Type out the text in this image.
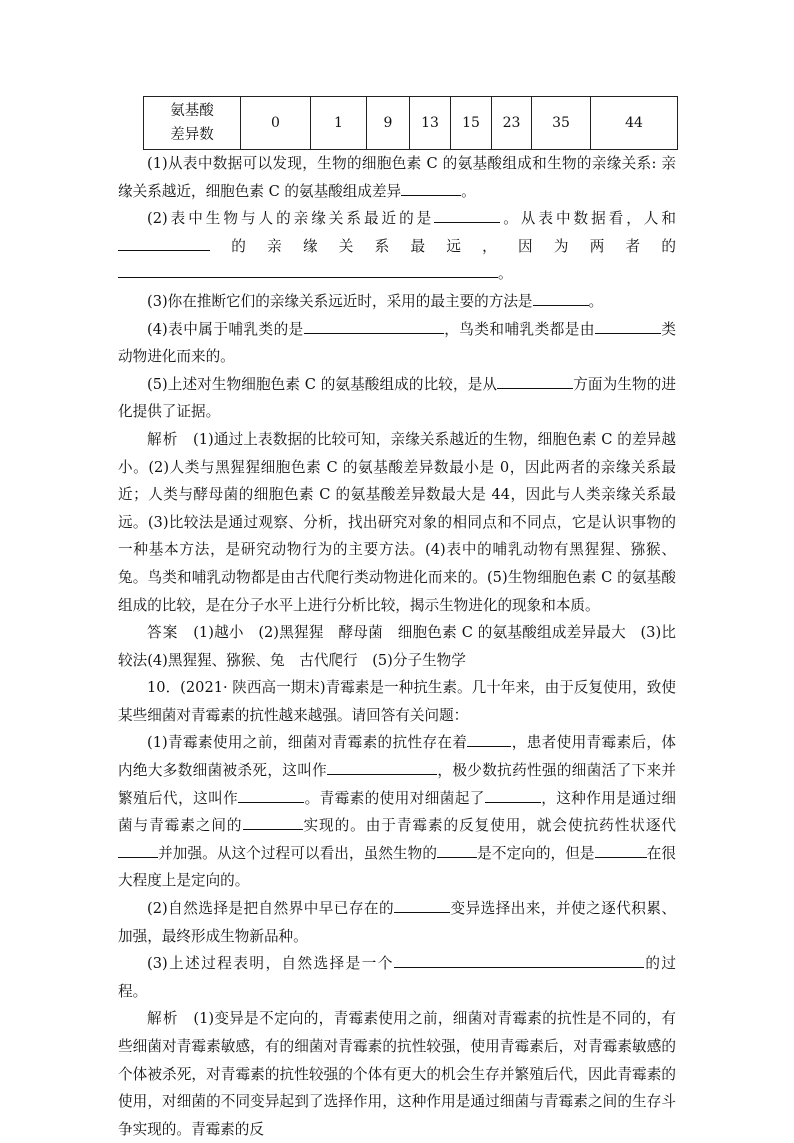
氨基酸
差异数
	0	1	9	13	15	23	35	44

(1)从表中数据可以发现，生物的细胞色素 C 的氨基酸组成和生物的亲缘关系: 亲缘关系越近，细胞色素 C 的氨基酸组成差异	。

(2)表中生物与人的亲缘关系最近的是	。从表中数据看，人和的亲缘关系最远，因为两者的。

(3)你在推断它们的亲缘关系远近时，采用的最主要的方法是	。

(4)表中属于哺乳类的是	，鸟类和哺乳类都是由	类动物进化而来的。

(5)上述对生物细胞色素 C 的氨基酸组成的比较，是从	方面为生物的进化提供了证据。

解析  (1)通过上表数据的比较可知，亲缘关系越近的生物，细胞色素 C 的差异越小。(2)人类与黑猩猩细胞色素 C 的氨基酸差异数最小是 0，因此两者的亲缘关系最近；人类与酵母菌的细胞色素 C 的氨基酸差异数最大是 44，因此与人类亲缘关系最远。(3)比较法是通过观察、分析，找出研究对象的相同点和不同点，它是认识事物的一种基本方法，是研究动物行为的主要方法。(4)表中的哺乳动物有黑猩猩、猕猴、兔。鸟类和哺乳动物都是由古代爬行类动物进化而来的。(5)生物细胞色素 C 的氨基酸组成的比较，是在分子水平上进行分析比较，揭示生物进化的现象和本质。

答案  (1)越小  (2)黑猩猩　酵母菌　细胞色素 C 的氨基酸组成差异最大  (3)比较法(4)黑猩猩、猕猴、兔　古代爬行  (5)分子生物学

10．(2021· 陕西高一期末)青霉素是一种抗生素。几十年来，由于反复使用，致使某些细菌对青霉素的抗性越来越强。请回答有关问题：

(1)青霉素使用之前，细菌对青霉素的抗性存在着	，患者使用青霉素后，体内绝大多数细菌被杀死，这叫作	，极少数抗药性强的细菌活了下来并繁殖后代，这叫作	。青霉素的使用对细菌起了	，这种作用是通过细菌与青霉素之间的	实现的。由于青霉素的反复使用，就会使抗药性状逐代并加强。从这个过程可以看出，虽然生物的	是不定向的，但是	在很大程度上是定向的。

(2)自然选择是把自然界中早已存在的	变异选择出来，并使之逐代积累、加强，最终形成生物新品种。

(3)上述过程表明，自然选择是一个	的过程。

解析  (1)变异是不定向的，青霉素使用之前，细菌对青霉素的抗性是不同的，有些细菌对青霉素敏感，有的细菌对青霉素的抗性较强，使用青霉素后，对青霉素敏感的个体被杀死，对青霉素的抗性较强的个体有更大的机会生存并繁殖后代，因此青霉素的使用，对细菌的不同变异起到了选择作用，这种作用是通过细菌与青霉素之间的生存斗争实现的。青霉素的反
